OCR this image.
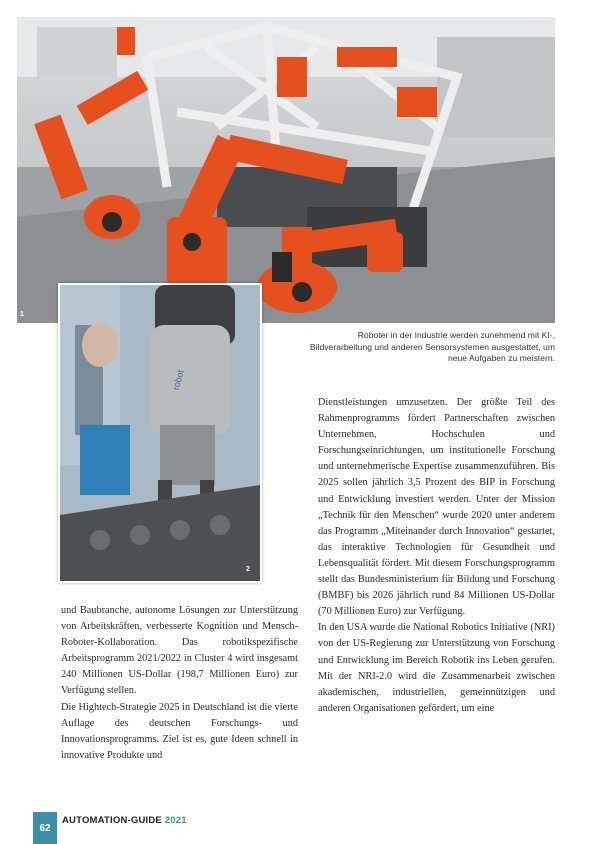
1
robot
2
Roboter in der Industrie werden zunehmend mit KI-, Bildverarbeitung und anderen Sensorsystemen ausgestattet, um neue Aufgaben zu meistern.

und Baubranche, autonome Lösungen zur Unterstützung von Arbeitskräften, verbesserte Kognition und Mensch-Roboter-Kollaboration. Das robotikspezifische Arbeitsprogramm 2021/2022 in Cluster 4 wird insgesamt 240 Millionen US-Dollar (198,7 Millionen Euro) zur Verfügung stellen.

Die Hightech-Strategie 2025 in Deutschland ist die vierte Auflage des deutschen Forschungs- und Innovationsprogramms. Ziel ist es, gute Ideen schnell in innovative Produkte und

Dienstleistungen umzusetzen. Der größte Teil des Rahmenprogramms fördert Partnerschaften zwischen Unternehmen, Hochschulen und Forschungseinrichtungen, um institutionelle Forschung und unternehmerische Expertise zusammenzuführen. Bis 2025 sollen jährlich 3,5 Prozent des BIP in Forschung und Entwicklung investiert werden. Unter der Mission „Technik für den Menschen“ wurde 2020 unter anderem das Programm „Miteinander durch Innovation“ gestartet, das interaktive Technologien für Gesundheit und Lebensqualität fördert. Mit diesem Forschungsprogramm stellt das Bundesministerium für Bildung und Forschung (BMBF) bis 2026 jährlich rund 84 Millionen US-Dollar (70 Millionen Euro) zur Verfügung.

In den USA wurde die National Robotics Initiative (NRI) von der US-Regierung zur Unterstützung von Forschung und Entwicklung im Bereich Robotik ins Leben gerufen. Mit der NRI-2.0 wird die Zusammenarbeit zwischen akademischen, industriellen, gemeinnützigen und anderen Organisationen gefördert, um eine

62
AUTOMATION-GUIDE 2021
